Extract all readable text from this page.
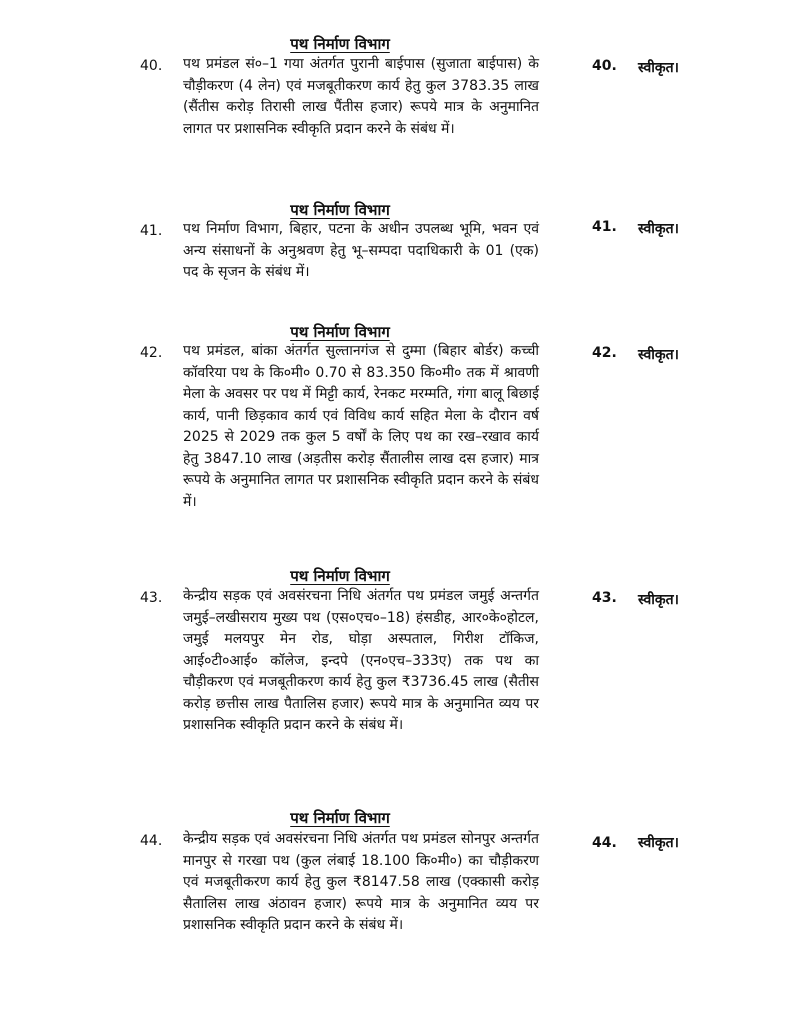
पथ निर्माण विभाग
40. पथ प्रमंडल सं०–1 गया अंतर्गत पुरानी बाईपास (सुजाता बाईपास) के चौड़ीकरण (4 लेन) एवं मजबूतीकरण कार्य हेतु कुल 3783.35 लाख (सैंतीस करोड़ तिरासी लाख पैंतीस हजार) रूपये मात्र के अनुमानित लागत पर प्रशासनिक स्वीकृति प्रदान करने के संबंध में।
40. स्वीकृत।
पथ निर्माण विभाग
41. पथ निर्माण विभाग, बिहार, पटना के अधीन उपलब्ध भूमि, भवन एवं अन्य संसाधनों के अनुश्रवण हेतु भू–सम्पदा पदाधिकारी के 01 (एक) पद के सृजन के संबंध में।
41. स्वीकृत।
पथ निर्माण विभाग
42. पथ प्रमंडल, बांका अंतर्गत सुल्तानगंज से दुम्मा (बिहार बोर्डर) कच्ची कॉवरिया पथ के कि०मी० 0.70 से 83.350 कि०मी० तक में श्रावणी मेला के अवसर पर पथ में मिट्टी कार्य, रेनकट मरम्मति, गंगा बालू बिछाई कार्य, पानी छिड़काव कार्य एवं विविध कार्य सहित मेला के दौरान वर्ष 2025 से 2029 तक कुल 5 वर्षों के लिए पथ का रख–रखाव कार्य हेतु 3847.10 लाख (अड़तीस करोड़ सैंतालीस लाख दस हजार) मात्र रूपये के अनुमानित लागत पर प्रशासनिक स्वीकृति प्रदान करने के संबंध में।
42. स्वीकृत।
पथ निर्माण विभाग
43. केन्द्रीय सड़क एवं अवसंरचना निधि अंतर्गत पथ प्रमंडल जमुई अन्तर्गत जमुई–लखीसराय मुख्य पथ (एस०एच०–18) हंसडीह, आर०के०होटल, जमुई मलयपुर मेन रोड, घोड़ा अस्पताल, गिरीश टॉकिज, आई०टी०आई० कॉलेज, इन्दपे (एन०एच–333ए) तक पथ का चौड़ीकरण एवं मजबूतीकरण कार्य हेतु कुल ₹3736.45 लाख (सैतीस करोड़ छत्तीस लाख पैतालिस हजार) रूपये मात्र के अनुमानित व्यय पर प्रशासनिक स्वीकृति प्रदान करने के संबंध में।
43. स्वीकृत।
पथ निर्माण विभाग
44. केन्द्रीय सड़क एवं अवसंरचना निधि अंतर्गत पथ प्रमंडल सोनपुर अन्तर्गत मानपुर से गरखा पथ (कुल लंबाई 18.100 कि०मी०) का चौड़ीकरण एवं मजबूतीकरण कार्य हेतु कुल ₹8147.58 लाख (एक्कासी करोड़ सैतालिस लाख अंठावन हजार) रूपये मात्र के अनुमानित व्यय पर प्रशासनिक स्वीकृति प्रदान करने के संबंध में।
44. स्वीकृत।
